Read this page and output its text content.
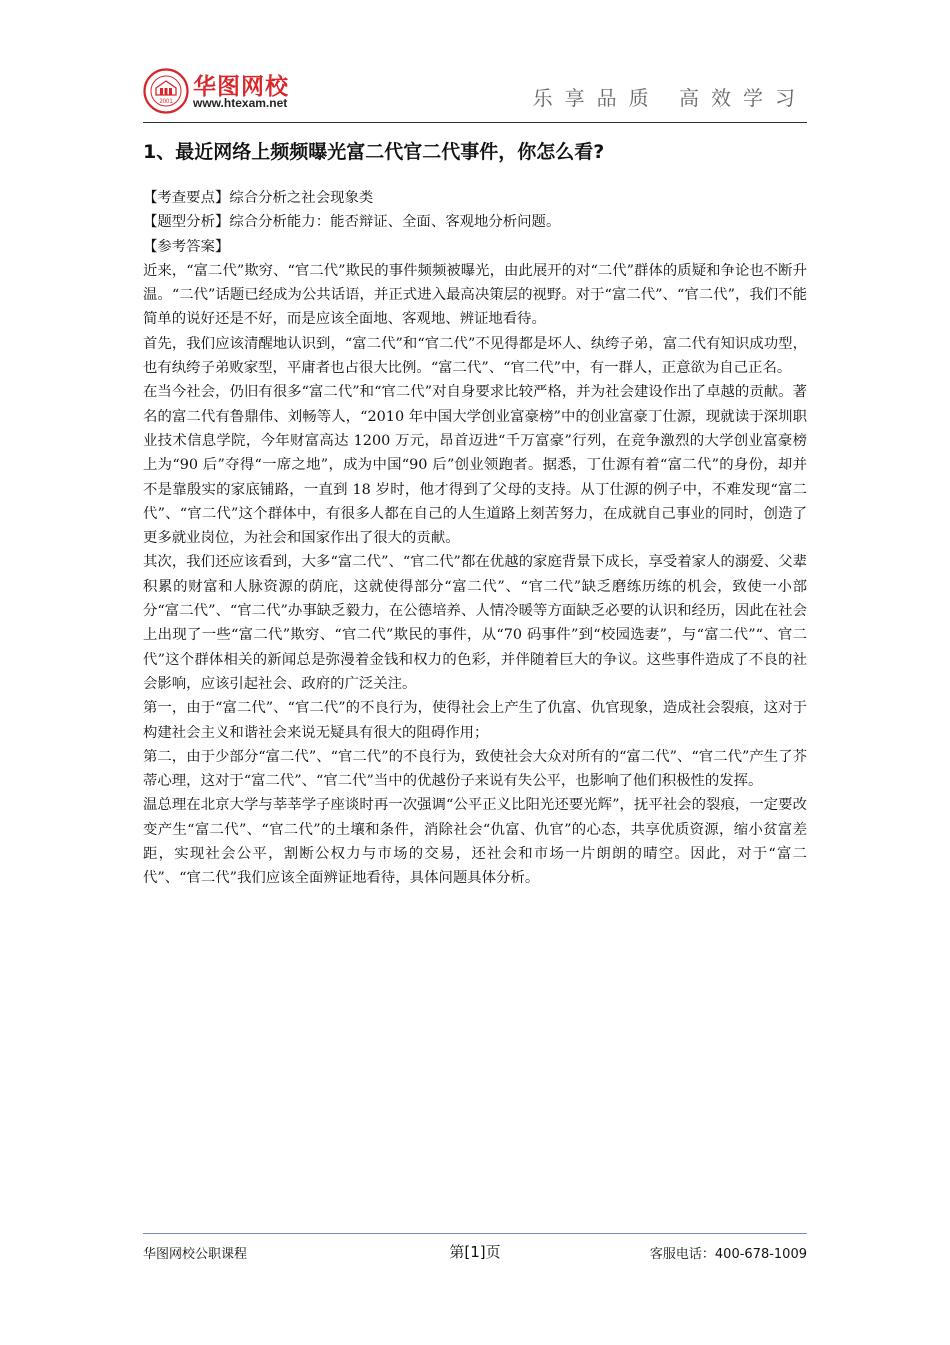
2001
华图网校
www.htexam.net	乐享品质 高效学习
1、最近网络上频频曝光富二代官二代事件，你怎么看?

【考查要点】综合分析之社会现象类

【题型分析】综合分析能力：能否辩证、全面、客观地分析问题。

【参考答案】

近来，“富二代”欺穷、“官二代”欺民的事件频频被曝光，由此展开的对“二代”群体的质疑和争论也不断升温。“二代”话题已经成为公共话语，并正式进入最高决策层的视野。对于“富二代”、“官二代”，我们不能简单的说好还是不好，而是应该全面地、客观地、辨证地看待。

首先，我们应该清醒地认识到，“富二代”和“官二代”不见得都是坏人、纨绔子弟，富二代有知识成功型，也有纨绔子弟败家型，平庸者也占很大比例。“富二代”、“官二代”中，有一群人，正意欲为自己正名。

在当今社会，仍旧有很多“富二代”和“官二代”对自身要求比较严格，并为社会建设作出了卓越的贡献。著名的富二代有鲁鼎伟、刘畅等人，“2010 年中国大学创业富豪榜”中的创业富豪丁仕源，现就读于深圳职业技术信息学院，今年财富高达 1200 万元，昂首迈进“千万富豪”行列，在竞争激烈的大学创业富豪榜上为“90 后”夺得“一席之地”，成为中国“90 后”创业领跑者。据悉，丁仕源有着“富二代”的身份，却并不是靠殷实的家底铺路，一直到 18 岁时，他才得到了父母的支持。从丁仕源的例子中，不难发现“富二代”、“官二代”这个群体中，有很多人都在自己的人生道路上刻苦努力，在成就自己事业的同时，创造了更多就业岗位，为社会和国家作出了很大的贡献。

其次，我们还应该看到，大多“富二代”、“官二代”都在优越的家庭背景下成长，享受着家人的溺爱、父辈积累的财富和人脉资源的荫庇，这就使得部分“富二代”、“官二代”缺乏磨练历练的机会，致使一小部分“富二代”、“官二代”办事缺乏毅力，在公德培养、人情冷暖等方面缺乏必要的认识和经历，因此在社会上出现了一些“富二代”欺穷、“官二代”欺民的事件，从“70 码事件”到“校园选妻”，与“富二代”“、官二代”这个群体相关的新闻总是弥漫着金钱和权力的色彩，并伴随着巨大的争议。这些事件造成了不良的社会影响，应该引起社会、政府的广泛关注。

第一，由于“富二代”、“官二代”的不良行为，使得社会上产生了仇富、仇官现象，造成社会裂痕，这对于构建社会主义和谐社会来说无疑具有很大的阻碍作用；

第二，由于少部分“富二代”、“官二代”的不良行为，致使社会大众对所有的“富二代”、“官二代”产生了芥蒂心理，这对于“富二代”、“官二代”当中的优越份子来说有失公平，也影响了他们积极性的发挥。

温总理在北京大学与莘莘学子座谈时再一次强调“公平正义比阳光还要光辉”，抚平社会的裂痕，一定要改变产生“富二代”、“官二代”的土壤和条件，消除社会“仇富、仇官”的心态，共享优质资源，缩小贫富差距，实现社会公平，割断公权力与市场的交易，还社会和市场一片朗朗的晴空。因此，对于“富二代”、“官二代”我们应该全面辨证地看待，具体问题具体分析。

华图网校公职课程	第[1]页	客服电话：400-678-1009
